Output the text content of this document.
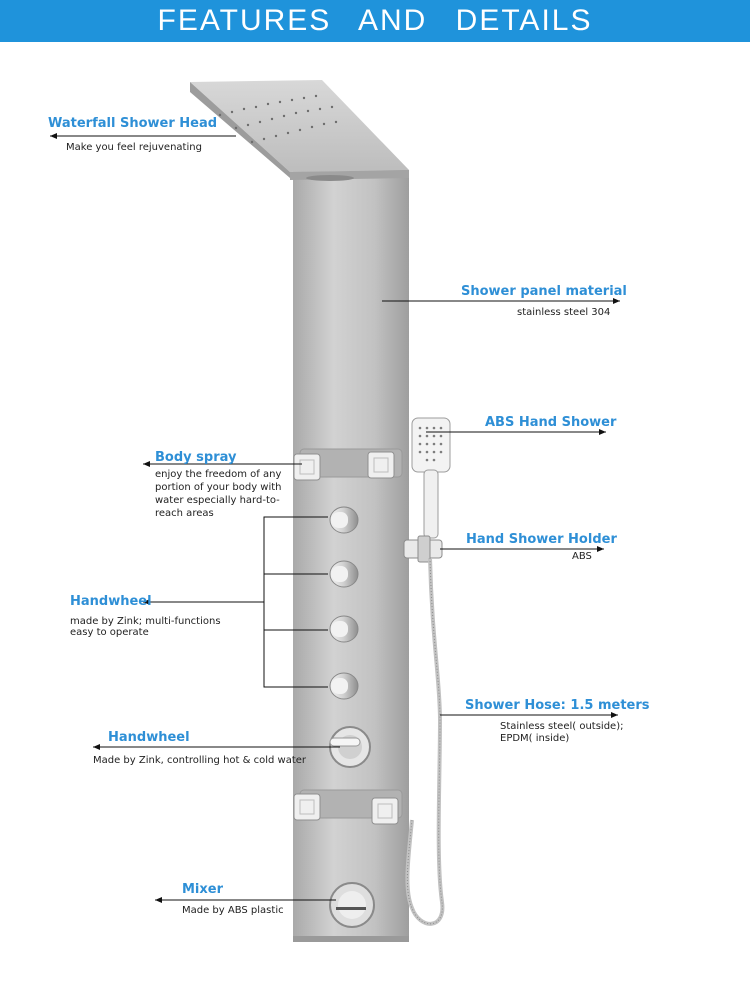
FEATURES AND DETAILS
Waterfall Shower Head
Make you feel rejuvenating
Shower panel material
stainless steel 304
ABS Hand Shower
Body spray
enjoy the freedom of any
portion of your body with
water especially hard-to-
reach areas
Hand Shower Holder
ABS
Handwheel
made by Zink; multi-functions
easy to operate
Shower Hose: 1.5 meters
Stainless steel( outside);
EPDM( inside)
Handwheel
Made by Zink, controlling hot & cold water
Mixer
Made by ABS plastic
